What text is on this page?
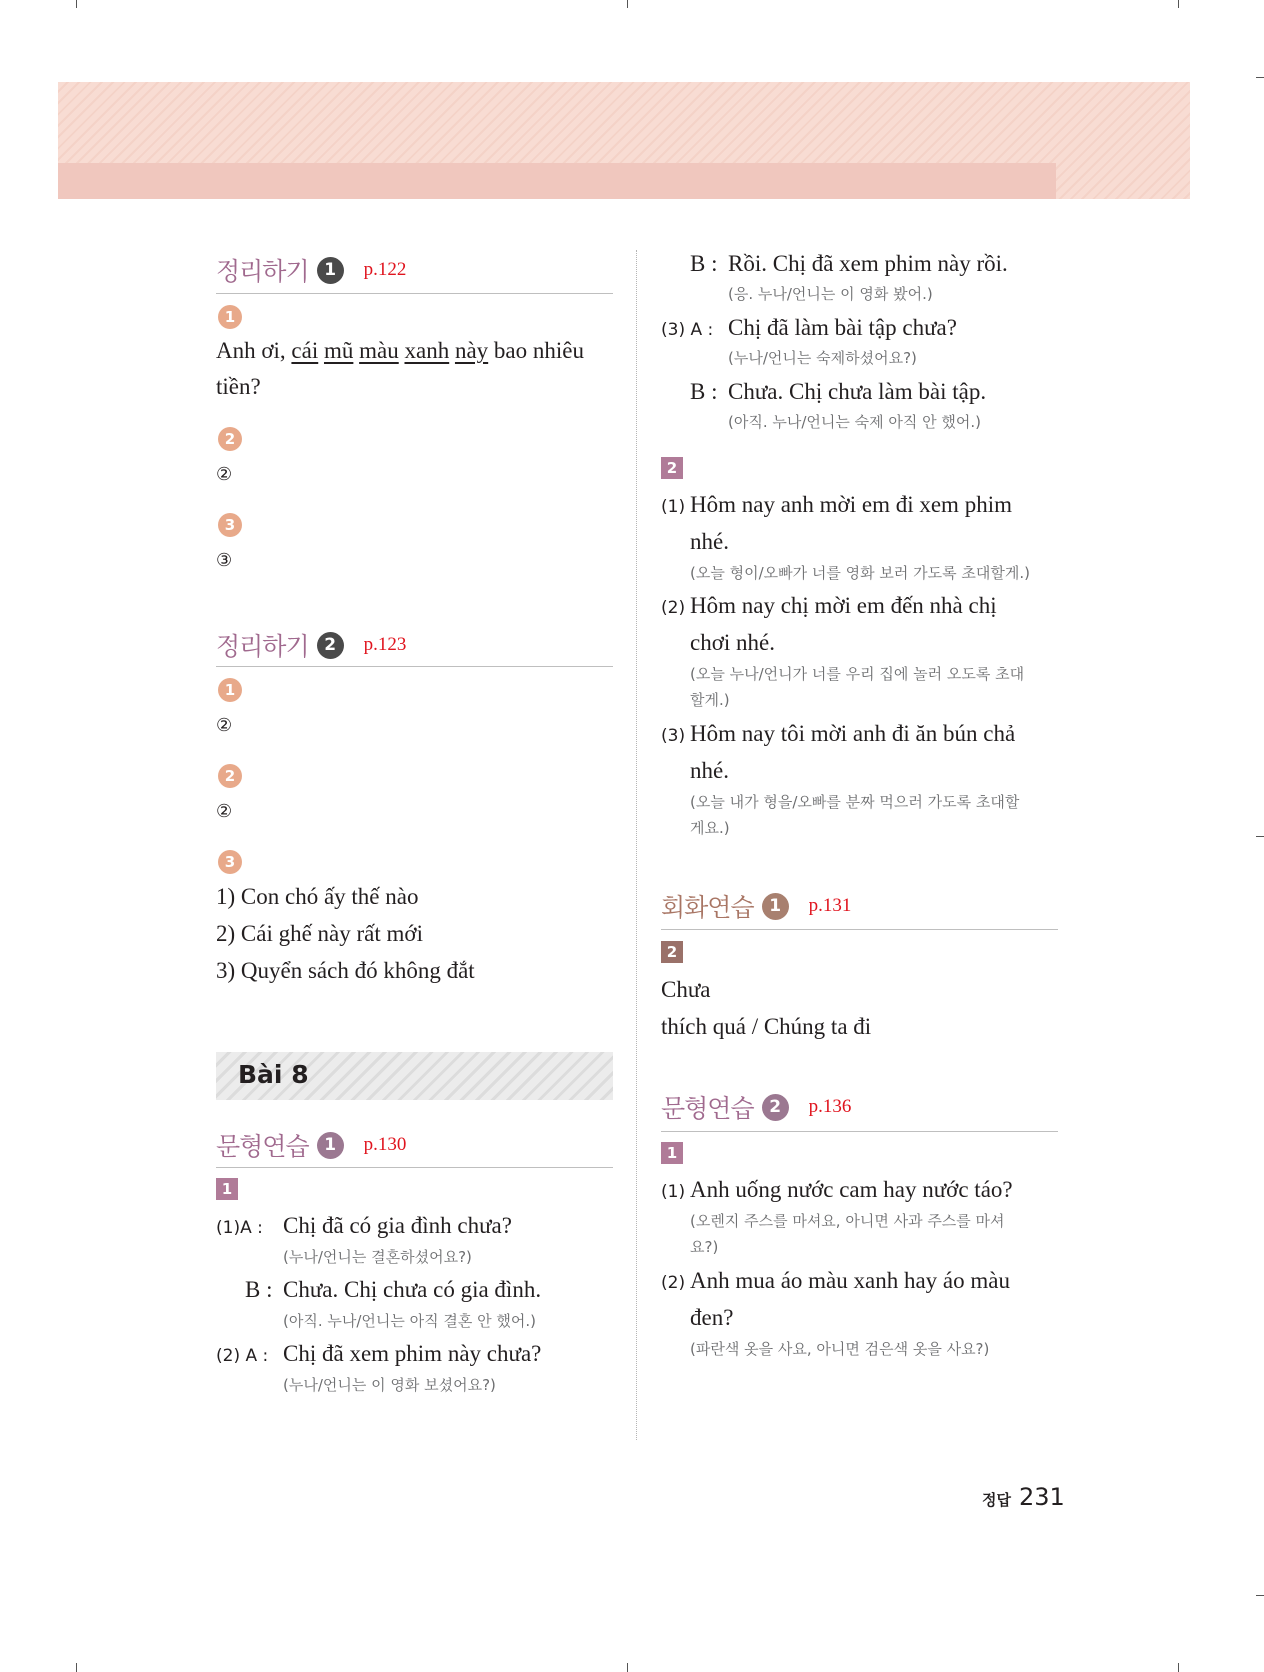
정리하기 1	p.122
1
Anh ơi, cái mũ màu xanh này bao nhiêu
tiền?
2
②
3
③
정리하기 2	p.123
1
②
2
②
3
1) Con chó ấy thế nào
2) Cái ghế này rất mới
3) Quyển sách đó không đắt
Bài 8
문형연습 1	p.130
1
(1)A : Chị đã có gia đình chưa?
(누나/언니는 결혼하셨어요?)
B : Chưa. Chị chưa có gia đình.
(아직. 누나/언니는 아직 결혼 안 했어.)
(2) A : Chị đã xem phim này chưa?
(누나/언니는 이 영화 보셨어요?)
B : Rồi. Chị đã xem phim này rồi.
(응. 누나/언니는 이 영화 봤어.)
(3) A : Chị đã làm bài tập chưa?
(누나/언니는 숙제하셨어요?)
B : Chưa. Chị chưa làm bài tập.
(아직. 누나/언니는 숙제 아직 안 했어.)
2
(1) Hôm nay anh mời em đi xem phim
nhé.
(오늘 형이/오빠가 너를 영화 보러 가도록 초대할게.)
(2) Hôm nay chị mời em đến nhà chị
chơi nhé.
(오늘 누나/언니가 너를 우리 집에 놀러 오도록 초대
할게.)
(3) Hôm nay tôi mời anh đi ăn bún chả
nhé.
(오늘 내가 형을/오빠를 분짜 먹으러 가도록 초대할
게요.)
회화연습 1	p.131
2
Chưa
thích quá / Chúng ta đi
문형연습 2	p.136
1
(1) Anh uống nước cam hay nước táo?
(오렌지 주스를 마셔요, 아니면 사과 주스를 마셔
요?)
(2) Anh mua áo màu xanh hay áo màu
đen?
(파란색 옷을 사요, 아니면 검은색 옷을 사요?)
정답 231
